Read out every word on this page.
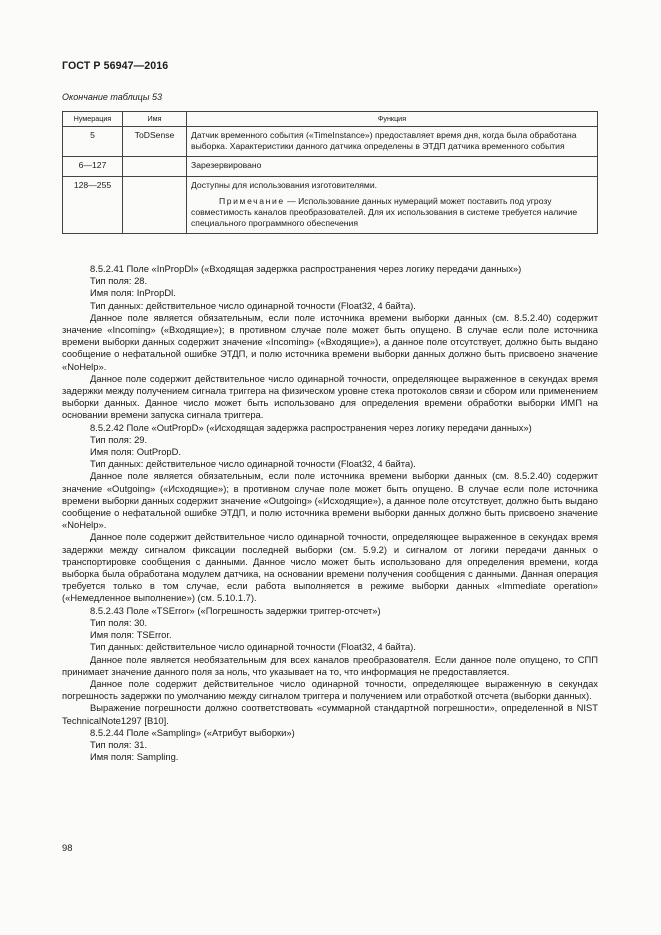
ГОСТ Р 56947—2016
Окончание таблицы 53
Нумерация	Имя	Функция
5	ToDSense	Датчик временного события («TimeInstance») предоставляет время дня, когда была обработана выборка. Характеристики данного датчика определены в ЭТДП датчика временного события
6—127		Зарезервировано
128—255		Доступны для использования изготовителями.
Примечание — Использование данных нумераций может поставить под угрозу совместимость каналов преобразователей. Для их использования в системе требуется наличие специального программного обеспечения

8.5.2.41 Поле «InPropDl» («Входящая задержка распространения через логику передачи данных»)

Тип поля: 28.

Имя поля: InPropDl.

Тип данных: действительное число одинарной точности (Float32, 4 байта).

Данное поле является обязательным, если поле источника времени выборки данных (см. 8.5.2.40) содержит значение «Incoming» («Входящие»); в противном случае поле может быть опущено. В случае если поле источника времени выборки данных содержит значение «Incoming» («Входящие»), а данное поле отсутствует, должно быть выдано сообщение о нефатальной ошибке ЭТДП, и полю источника времени выборки данных должно быть присвоено значение «NoHelp».

Данное поле содержит действительное число одинарной точности, определяющее выраженное в секундах время задержки между получением сигнала триггера на физическом уровне стека протоколов связи и сбором или применением выборки данных. Данное число может быть использовано для определения времени обработки выборки ИМП на основании времени запуска сигнала триггера.

8.5.2.42 Поле «OutPropD» («Исходящая задержка распространения через логику передачи данных»)

Тип поля: 29.

Имя поля: OutPropD.

Тип данных: действительное число одинарной точности (Float32, 4 байта).

Данное поле является обязательным, если поле источника времени выборки данных (см. 8.5.2.40) содержит значение «Outgoing» («Исходящие»); в противном случае поле может быть опущено. В случае если поле источника времени выборки данных содержит значение «Outgoing» («Исходящие»), а данное поле отсутствует, должно быть выдано сообщение о нефатальной ошибке ЭТДП, и полю источника времени выборки данных должно быть присвоено значение «NoHelp».

Данное поле содержит действительное число одинарной точности, определяющее выраженное в секундах время задержки между сигналом фиксации последней выборки (см. 5.9.2) и сигналом от логики передачи данных о транспортировке сообщения с данными. Данное число может быть использовано для определения времени, когда выборка была обработана модулем датчика, на основании времени получения сообщения с данными. Данная операция требуется только в том случае, если работа выполняется в режиме выборки данных «Immediate operation» («Немедленное выполнение») (см. 5.10.1.7).

8.5.2.43 Поле «TSError» («Погрешность задержки триггер-отсчет»)

Тип поля: 30.

Имя поля: TSError.

Тип данных: действительное число одинарной точности (Float32, 4 байта).

Данное поле является необязательным для всех каналов преобразователя. Если данное поле опущено, то СПП принимает значение данного поля за ноль, что указывает на то, что информация не предоставляется.

Данное поле содержит действительное число одинарной точности, определяющее выраженную в секундах погрешность задержки по умолчанию между сигналом триггера и получением или отработкой отсчета (выборки данных).

Выражение погрешности должно соответствовать «суммарной стандартной погрешности», определенной в NIST TechnicalNote1297 [B10].

8.5.2.44 Поле «Sampling» («Атрибут выборки»)

Тип поля: 31.

Имя поля: Sampling.

98
